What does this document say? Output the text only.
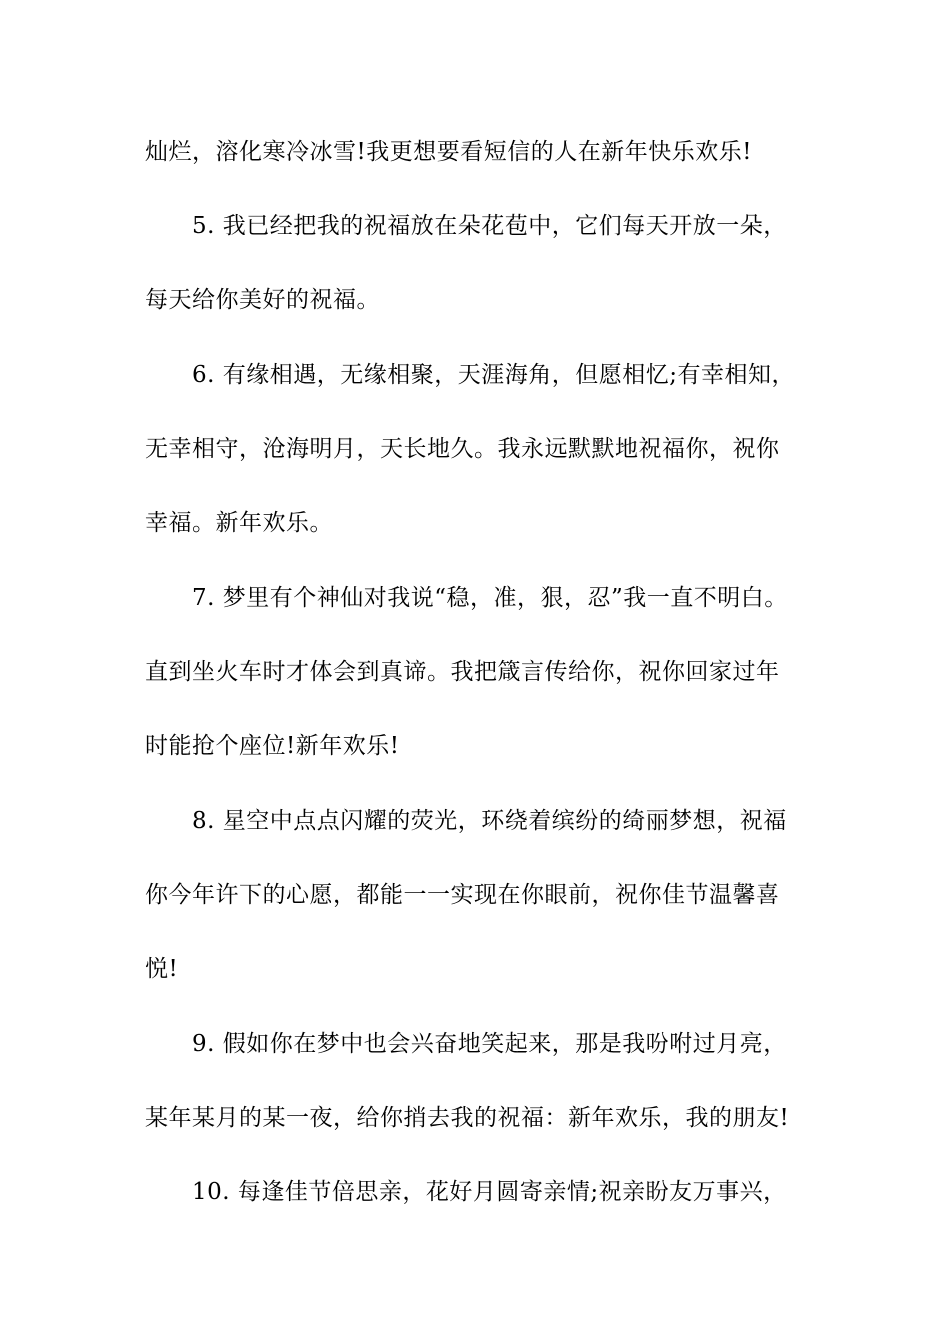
灿烂，溶化寒冷冰雪!我更想要看短信的人在新年快乐欢乐!
5. 我已经把我的祝福放在朵花苞中，它们每天开放一朵，
每天给你美好的祝福。
6. 有缘相遇，无缘相聚，天涯海角，但愿相忆;有幸相知，
无幸相守，沧海明月，天长地久。我永远默默地祝福你，祝你
幸福。新年欢乐。
7. 梦里有个神仙对我说“稳，准，狠，忍”我一直不明白。
直到坐火车时才体会到真谛。我把箴言传给你，祝你回家过年
时能抢个座位!新年欢乐!
8. 星空中点点闪耀的荧光，环绕着缤纷的绮丽梦想，祝福
你今年许下的心愿，都能一一实现在你眼前，祝你佳节温馨喜
悦!
9. 假如你在梦中也会兴奋地笑起来，那是我吩咐过月亮，
某年某月的某一夜，给你捎去我的祝福：新年欢乐，我的朋友!
10. 每逢佳节倍思亲，花好月圆寄亲情;祝亲盼友万事兴，
